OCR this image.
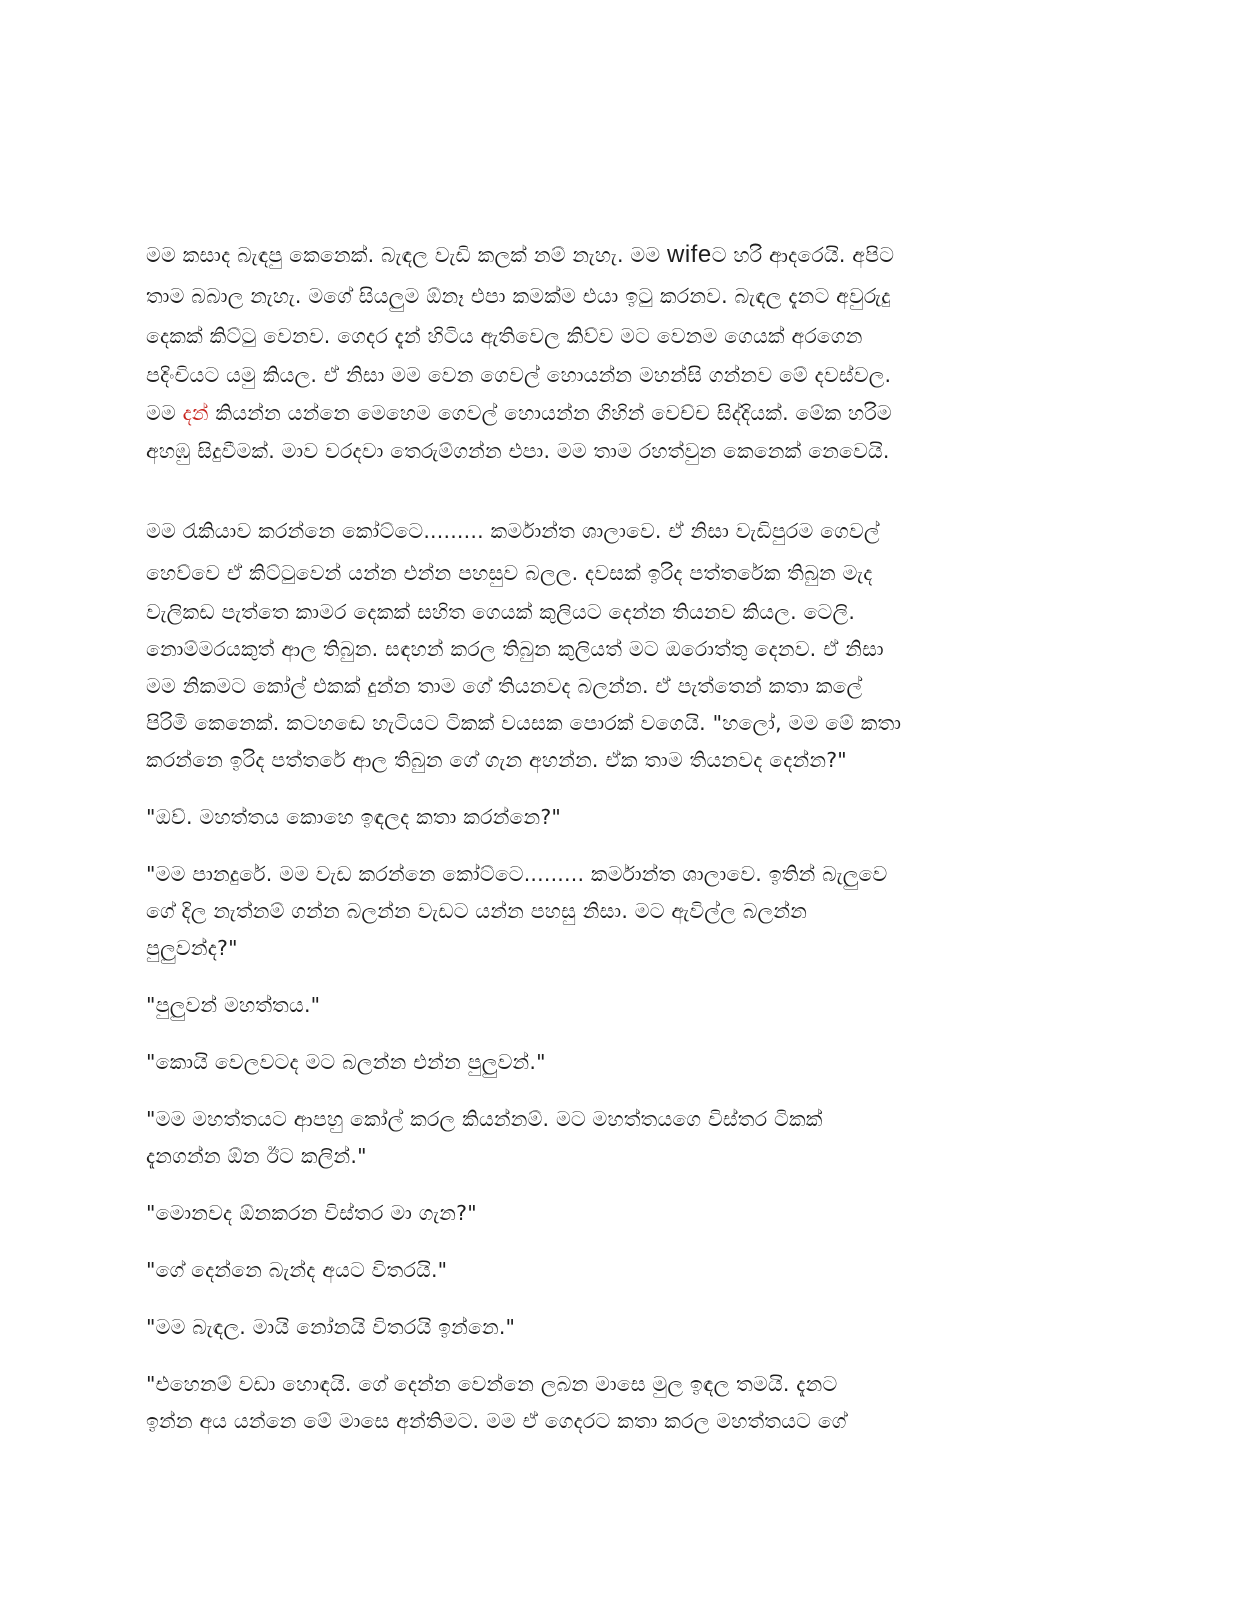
මම කසාද බැඳපු කෙනෙක්. බැඳල වැඩි කලක් නම් නැහැ. මම wifeට හරි ආදරෙයි. අපිට
තාම බබාල නැහැ. මගේ සියලුම ඕනෑ එපා කමක්ම එයා ඉටු කරනව. බැඳල දැනට අවුරුදු
දෙකක් කිට්ටු වෙනව. ගෙදර දැන් හිටිය ඇතිවෙල කිව්ව මට වෙනම ගෙයක් අරගෙන
පදිංචියට යමු කියල. ඒ නිසා මම වෙන ගෙවල් හොයන්න මහන්සි ගන්නව මේ දවස්වල.
මම දන් කියන්න යන්නෙ මෙහෙම ගෙවල් හොයන්න ගිහින් වෙච්ච සිද්දියක්. මේක හරිම
අහඹු සිදුවීමක්. මාව වරදවා තෙරුම්ගන්න එපා. මම තාම රහත්වුන කෙනෙක් නෙවෙයි.
මම රැකියාව කරන්නෙ කෝට්ටෙ......... කර්මාන්ත ශාලාවෙ. ඒ නිසා වැඩිපුරම ගෙවල්
හෙව්වෙ ඒ කිට්ටුවෙන් යන්න එන්න පහසුව බලල. දවසක් ඉරිද පත්තරේක තිබුන මැද
වැලිකඩ පැත්තෙ කාමර දෙකක් සහිත ගෙයක් කුලියට දෙන්න තියනව කියල. ටෙලි.
නොම්මරයකුත් ආල තිබුන. සඳහන් කරල තිබුන කුලියත් මට ඔරොත්තු දෙනව. ඒ නිසා
මම නිකමට කෝල් එකක් දුන්න තාම ගේ තියනවද බලන්න. ඒ පැත්තෙන් කතා කලේ
පිරිමි කෙනෙක්. කටහඬෙ හැටියට ටිකක් වයසක පොරක් වගෙයි. "හලෝ, මම මේ කතා
කරන්නෙ ඉරිද පත්තරේ ආල තිබුන ගේ ගැන අහන්න. ඒක තාම තියනවද දෙන්න?"
"ඔව්. මහත්තය කොහෙ ඉඳලද කතා කරන්නෙ?"
"මම පානදුරේ. මම වැඩ කරන්නෙ කෝට්ටෙ......... කර්මාන්ත ශාලාවෙ. ඉතින් බැලුවෙ
ගේ දිල නැත්නම් ගන්න බලන්න වැඩට යන්න පහසු නිසා. මට ඇවිල්ල බලන්න
පුලුවන්ද?"
"පුලුවන් මහත්තය."
"කොයි වෙලවටද මට බලන්න එන්න පුලුවන්."
"මම මහත්තයට ආපහු කෝල් කරල කියන්නම්. මට මහත්තයගෙ විස්තර ටිකක්
දැනගන්න ඕන ඊට කලින්."
"මොනවද ඕනකරන විස්තර මා ගැන?"
"ගේ දෙන්නෙ බැන්ද අයට විතරයි."
"මම බැඳල. මායි නෝනයි විතරයි ඉන්නෙ."
"එහෙනම් වඩා හොඳයි. ගේ දෙන්න වෙන්නෙ ලබන මාසෙ මුල ඉඳල තමයි. දැනට
ඉන්න අය යන්නෙ මේ මාසෙ අන්තිමට. මම ඒ ගෙදරට කතා කරල මහත්තයට ගේ
